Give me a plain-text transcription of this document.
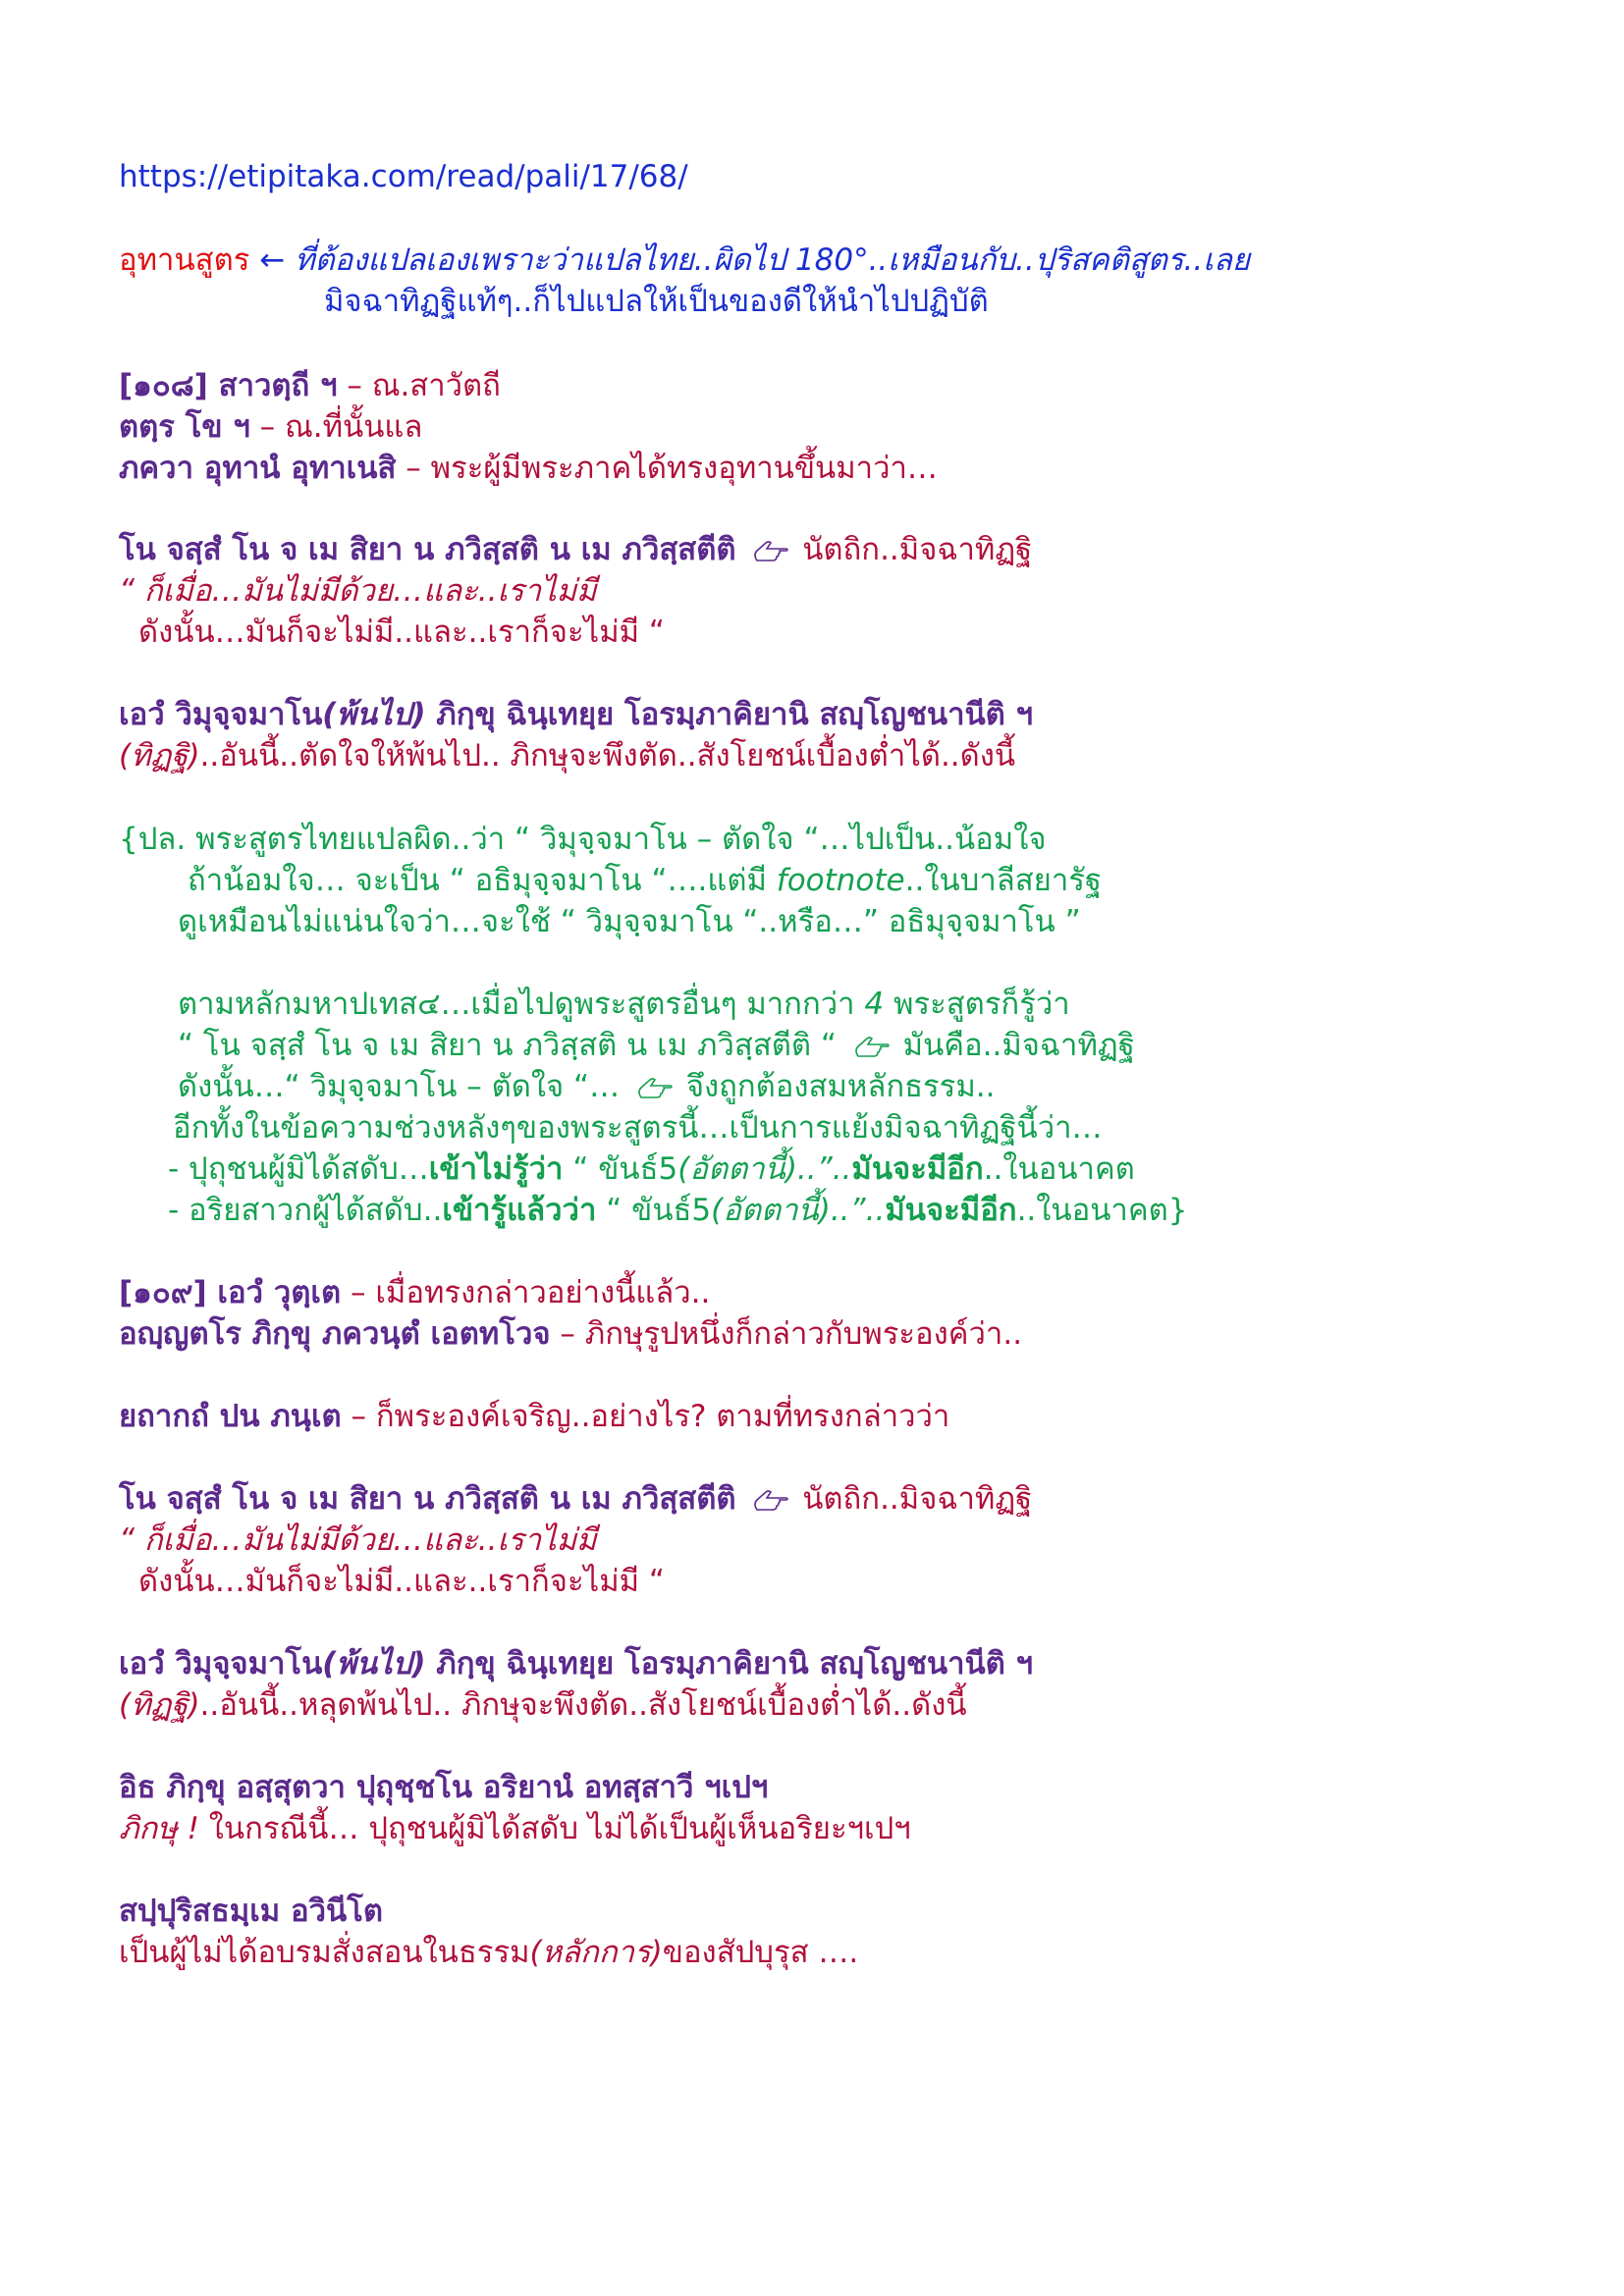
https://etipitaka.com/read/pali/17/68/
อุทานสูตร ← ที่ต้องแปลเองเพราะว่าแปลไทย..ผิดไป 180°..เหมือนกับ..ปุริสคติสูตร..เลย
มิจฉาทิฏฐิแท้ๆ..ก็ไปแปลให้เป็นของดีให้นำไปปฏิบัติ
[๑๐๘] สาวตฺถี ฯ – ณ.สาวัตถี
ตตฺร โข ฯ – ณ.ที่นั้นแล
ภควา อุทานํ อุทาเนสิ – พระผู้มีพระภาคได้ทรงอุทานขึ้นมาว่า…
โน จสฺสํ โน จ เม สิยา น ภวิสฺสติ น เม ภวิสฺสตีติ นัตถิก..มิจฉาทิฏฐิ
“ ก็เมื่อ…มันไม่มีด้วย…และ..เราไม่มี
ดังนั้น…มันก็จะไม่มี..และ..เราก็จะไม่มี “
เอวํ วิมุจฺจมาโน(พ้นไป) ภิกฺขุ ฉินฺเทยฺย โอรมฺภาคิยานิ สญฺโญชนานีติ ฯ
(ทิฏฐิ)..อันนี้..ตัดใจให้พ้นไป.. ภิกษุจะพึงตัด..สังโยชน์เบื้องต่ำได้..ดังนี้
{ปล. พระสูตรไทยแปลผิด..ว่า “ วิมุจฺจมาโน – ตัดใจ “…ไปเป็น..น้อมใจ
ถ้าน้อมใจ… จะเป็น “ อธิมุจฺจมาโน “….แต่มี footnote..ในบาลีสยารัฐ
ดูเหมือนไม่แน่นใจว่า…จะใช้ “ วิมุจฺจมาโน “..หรือ…” อธิมุจฺจมาโน ”
ตามหลักมหาปเทส๔…เมื่อไปดูพระสูตรอื่นๆ มากกว่า 4 พระสูตรก็รู้ว่า
“ โน จสฺสํ โน จ เม สิยา น ภวิสฺสติ น เม ภวิสฺสตีติ “  มันคือ..มิจฉาทิฏฐิ
ดังนั้น…“ วิมุจฺจมาโน – ตัดใจ “…  จึงถูกต้องสมหลักธรรม..
อีกทั้งในข้อความช่วงหลังๆของพระสูตรนี้…เป็นการแย้งมิจฉาทิฏฐินี้ว่า…
- ปุถุชนผู้มิได้สดับ…เข้าไม่รู้ว่า “ ขันธ์5(อัตตานี้)..”..มันจะมีอีก..ในอนาคต
- อริยสาวกผู้ได้สดับ..เข้ารู้แล้วว่า “ ขันธ์5(อัตตานี้)..”..มันจะมีอีก..ในอนาคต}
[๑๐๙] เอวํ วุตฺเต – เมื่อทรงกล่าวอย่างนี้แล้ว..
อญฺญตโร ภิกฺขุ ภควนฺตํ เอตทโวจ – ภิกษุรูปหนึ่งก็กล่าวกับพระองค์ว่า..
ยถากถํ ปน ภนฺเต – ก็พระองค์เจริญ..อย่างไร? ตามที่ทรงกล่าวว่า
โน จสฺสํ โน จ เม สิยา น ภวิสฺสติ น เม ภวิสฺสตีติ นัตถิก..มิจฉาทิฏฐิ
“ ก็เมื่อ…มันไม่มีด้วย…และ..เราไม่มี
ดังนั้น…มันก็จะไม่มี..และ..เราก็จะไม่มี “
เอวํ วิมุจฺจมาโน(พ้นไป) ภิกฺขุ ฉินฺเทยฺย โอรมฺภาคิยานิ สญฺโญชนานีติ ฯ
(ทิฏฐิ)..อันนี้..หลุดพ้นไป.. ภิกษุจะพึงตัด..สังโยชน์เบื้องต่ำได้..ดังนี้
อิธ ภิกฺขุ อสฺสุตวา ปุถุชฺชโน อริยานํ อทสฺสาวี ฯเปฯ
ภิกษุ ! ในกรณีนี้… ปุถุชนผู้มิได้สดับ ไม่ได้เป็นผู้เห็นอริยะฯเปฯ
สปฺปุริสธมฺเม อวินีโต
เป็นผู้ไม่ได้อบรมสั่งสอนในธรรม(หลักการ)ของสัปบุรุส ….
